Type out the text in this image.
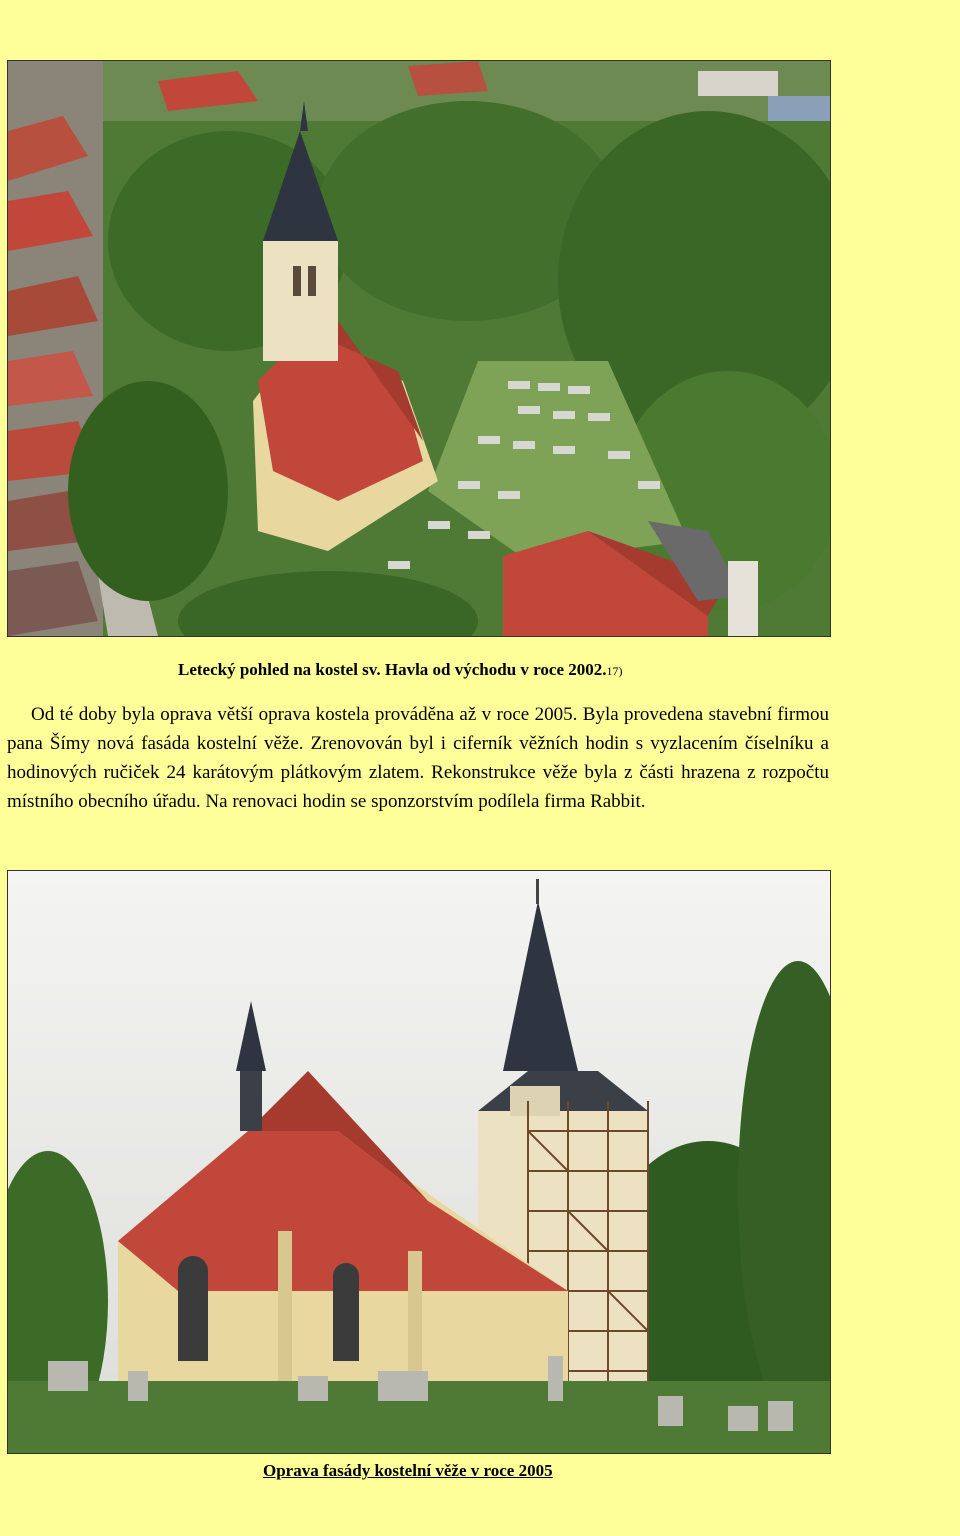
Letecký pohled na kostel sv. Havla od východu v roce 2002.17)

Od té doby byla oprava větší oprava kostela prováděna až v roce 2005. Byla provedena stavební firmou pana Šímy nová fasáda kostelní věže. Zrenovován byl i ciferník věžních hodin s vyzlacením číselníku a hodinových ručiček 24 karátovým plátkovým zlatem. Rekonstrukce věže byla z části hrazena z rozpočtu místního obecního úřadu. Na renovaci hodin se sponzorstvím podílela firma Rabbit.

Oprava fasády kostelní věže v roce 2005
